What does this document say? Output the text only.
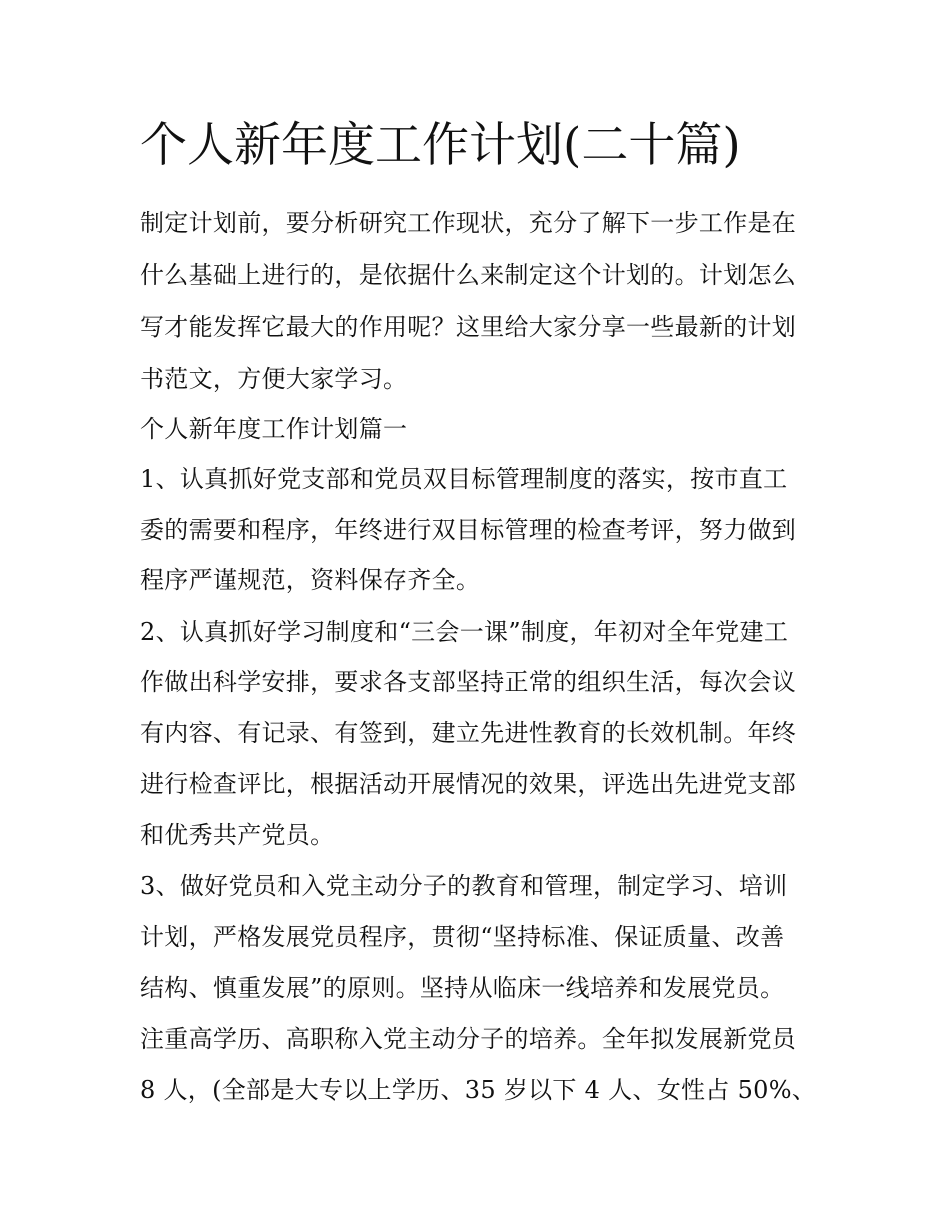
个人新年度工作计划(二十篇)

制定计划前，要分析研究工作现状，充分了解下一步工作是在

什么基础上进行的，是依据什么来制定这个计划的。计划怎么

写才能发挥它最大的作用呢？这里给大家分享一些最新的计划

书范文，方便大家学习。

个人新年度工作计划篇一

1、认真抓好党支部和党员双目标管理制度的落实，按市直工

委的需要和程序，年终进行双目标管理的检查考评，努力做到

程序严谨规范，资料保存齐全。

2、认真抓好学习制度和“三会一课”制度，年初对全年党建工

作做出科学安排，要求各支部坚持正常的组织生活，每次会议

有内容、有记录、有签到，建立先进性教育的长效机制。年终

进行检查评比，根据活动开展情况的效果，评选出先进党支部

和优秀共产党员。

3、做好党员和入党主动分子的教育和管理，制定学习、培训

计划，严格发展党员程序，贯彻“坚持标准、保证质量、改善

结构、慎重发展”的原则。坚持从临床一线培养和发展党员。

注重高学历、高职称入党主动分子的培养。全年拟发展新党员

8 人，(全部是大专以上学历、35 岁以下 4 人、女性占 50%、
